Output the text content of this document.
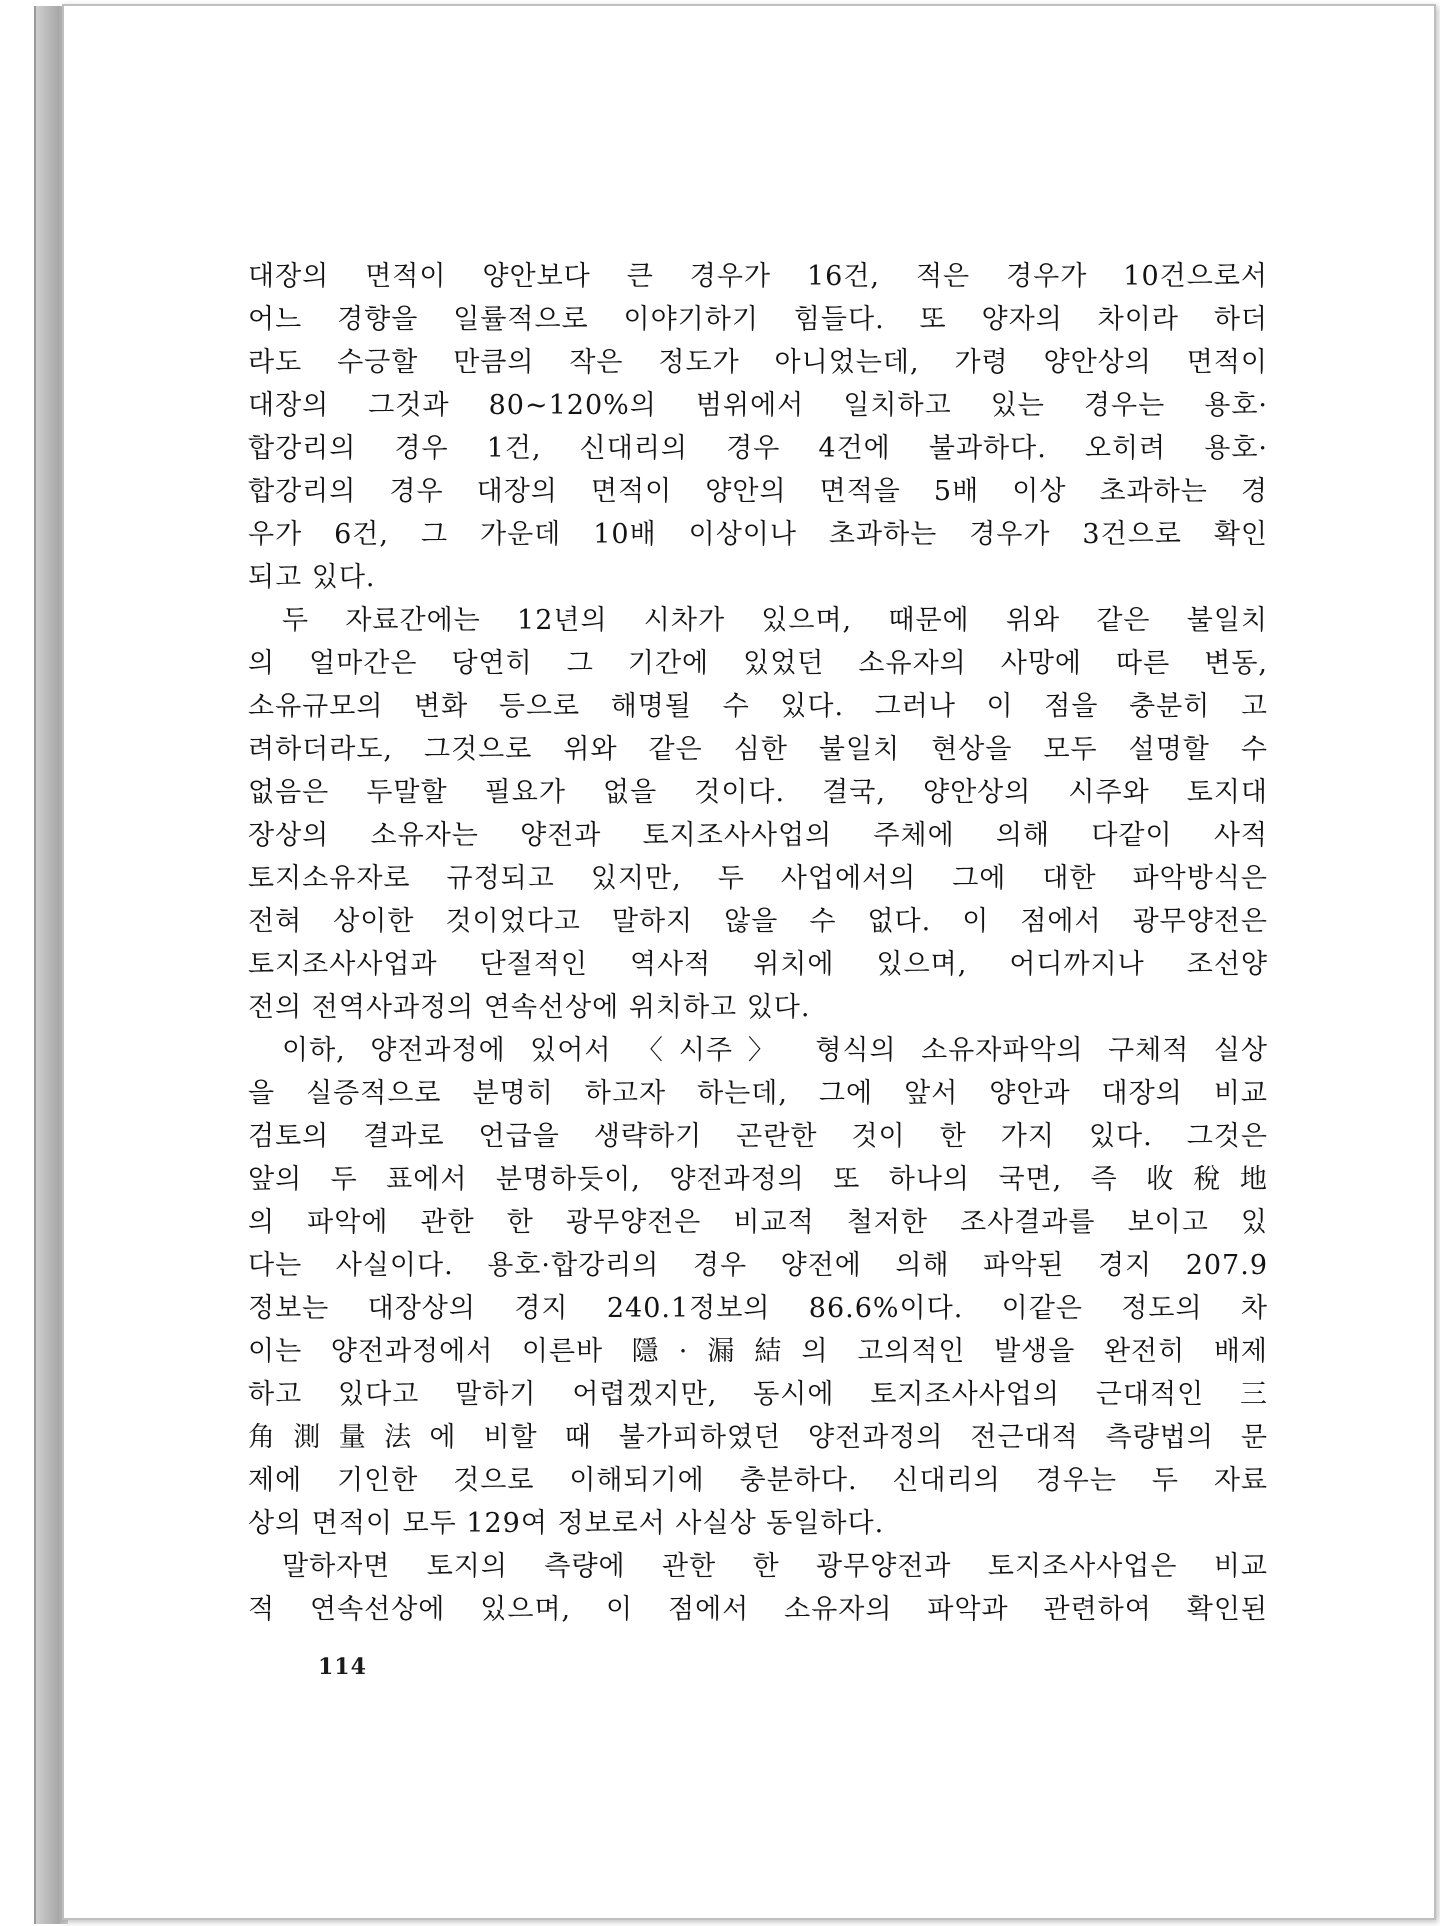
대장의 면적이 양안보다 큰 경우가 16건, 적은 경우가 10건으로서
어느 경향을 일률적으로 이야기하기 힘들다. 또 양자의 차이라 하더
라도 수긍할 만큼의 작은 정도가 아니었는데, 가령 양안상의 면적이
대장의 그것과 80~120%의 범위에서 일치하고 있는 경우는 용호·
합강리의 경우 1건, 신대리의 경우 4건에 불과하다. 오히려 용호·
합강리의 경우 대장의 면적이 양안의 면적을 5배 이상 초과하는 경
우가 6건, 그 가운데 10배 이상이나 초과하는 경우가 3건으로 확인
되고 있다.
두 자료간에는 12년의 시차가 있으며, 때문에 위와 같은 불일치
의 얼마간은 당연히 그 기간에 있었던 소유자의 사망에 따른 변동,
소유규모의 변화 등으로 해명될 수 있다. 그러나 이 점을 충분히 고
려하더라도, 그것으로 위와 같은 심한 불일치 현상을 모두 설명할 수
없음은 두말할 필요가 없을 것이다. 결국, 양안상의 시주와 토지대
장상의 소유자는 양전과 토지조사사업의 주체에 의해 다같이 사적
토지소유자로 규정되고 있지만, 두 사업에서의 그에 대한 파악방식은
전혀 상이한 것이었다고 말하지 않을 수 없다. 이 점에서 광무양전은
토지조사사업과 단절적인 역사적 위치에 있으며, 어디까지나 조선양
전의 전역사과정의 연속선상에 위치하고 있다.
이하, 양전과정에 있어서 〈시주〉 형식의 소유자파악의 구체적 실상
을 실증적으로 분명히 하고자 하는데, 그에 앞서 양안과 대장의 비교
검토의 결과로 언급을 생략하기 곤란한 것이 한 가지 있다. 그것은
앞의 두 표에서 분명하듯이, 양전과정의 또 하나의 국면, 즉 收稅地
의 파악에 관한 한 광무양전은 비교적 철저한 조사결과를 보이고 있
다는 사실이다. 용호·합강리의 경우 양전에 의해 파악된 경지 207.9
정보는 대장상의 경지 240.1정보의 86.6%이다. 이같은 정도의 차
이는 양전과정에서 이른바 隱·漏結의 고의적인 발생을 완전히 배제
하고 있다고 말하기 어렵겠지만, 동시에 토지조사사업의 근대적인 三
角測量法에 비할 때 불가피하였던 양전과정의 전근대적 측량법의 문
제에 기인한 것으로 이해되기에 충분하다. 신대리의 경우는 두 자료
상의 면적이 모두 129여 정보로서 사실상 동일하다.
말하자면 토지의 측량에 관한 한 광무양전과 토지조사사업은 비교
적 연속선상에 있으며, 이 점에서 소유자의 파악과 관련하여 확인된
114
